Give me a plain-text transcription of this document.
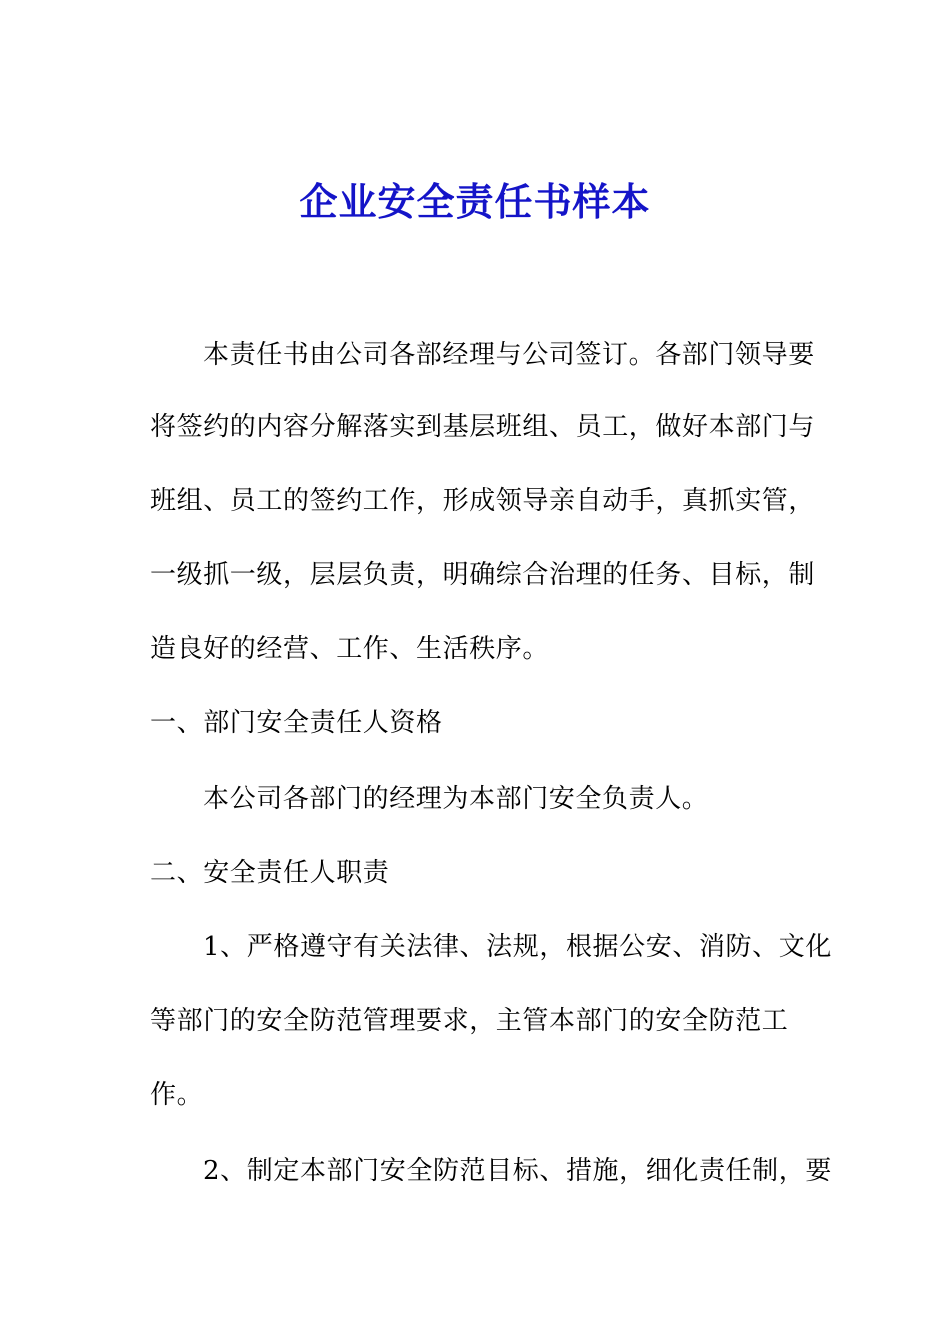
企业安全责任书样本
本责任书由公司各部经理与公司签订。各部门领导要
将签约的内容分解落实到基层班组、员工，做好本部门与
班组、员工的签约工作，形成领导亲自动手，真抓实管，
一级抓一级，层层负责，明确综合治理的任务、目标，制
造良好的经营、工作、生活秩序。
一、部门安全责任人资格
本公司各部门的经理为本部门安全负责人。
二、安全责任人职责
1、严格遵守有关法律、法规，根据公安、消防、文化
等部门的安全防范管理要求，主管本部门的安全防范工
作。
2、制定本部门安全防范目标、措施，细化责任制，要
